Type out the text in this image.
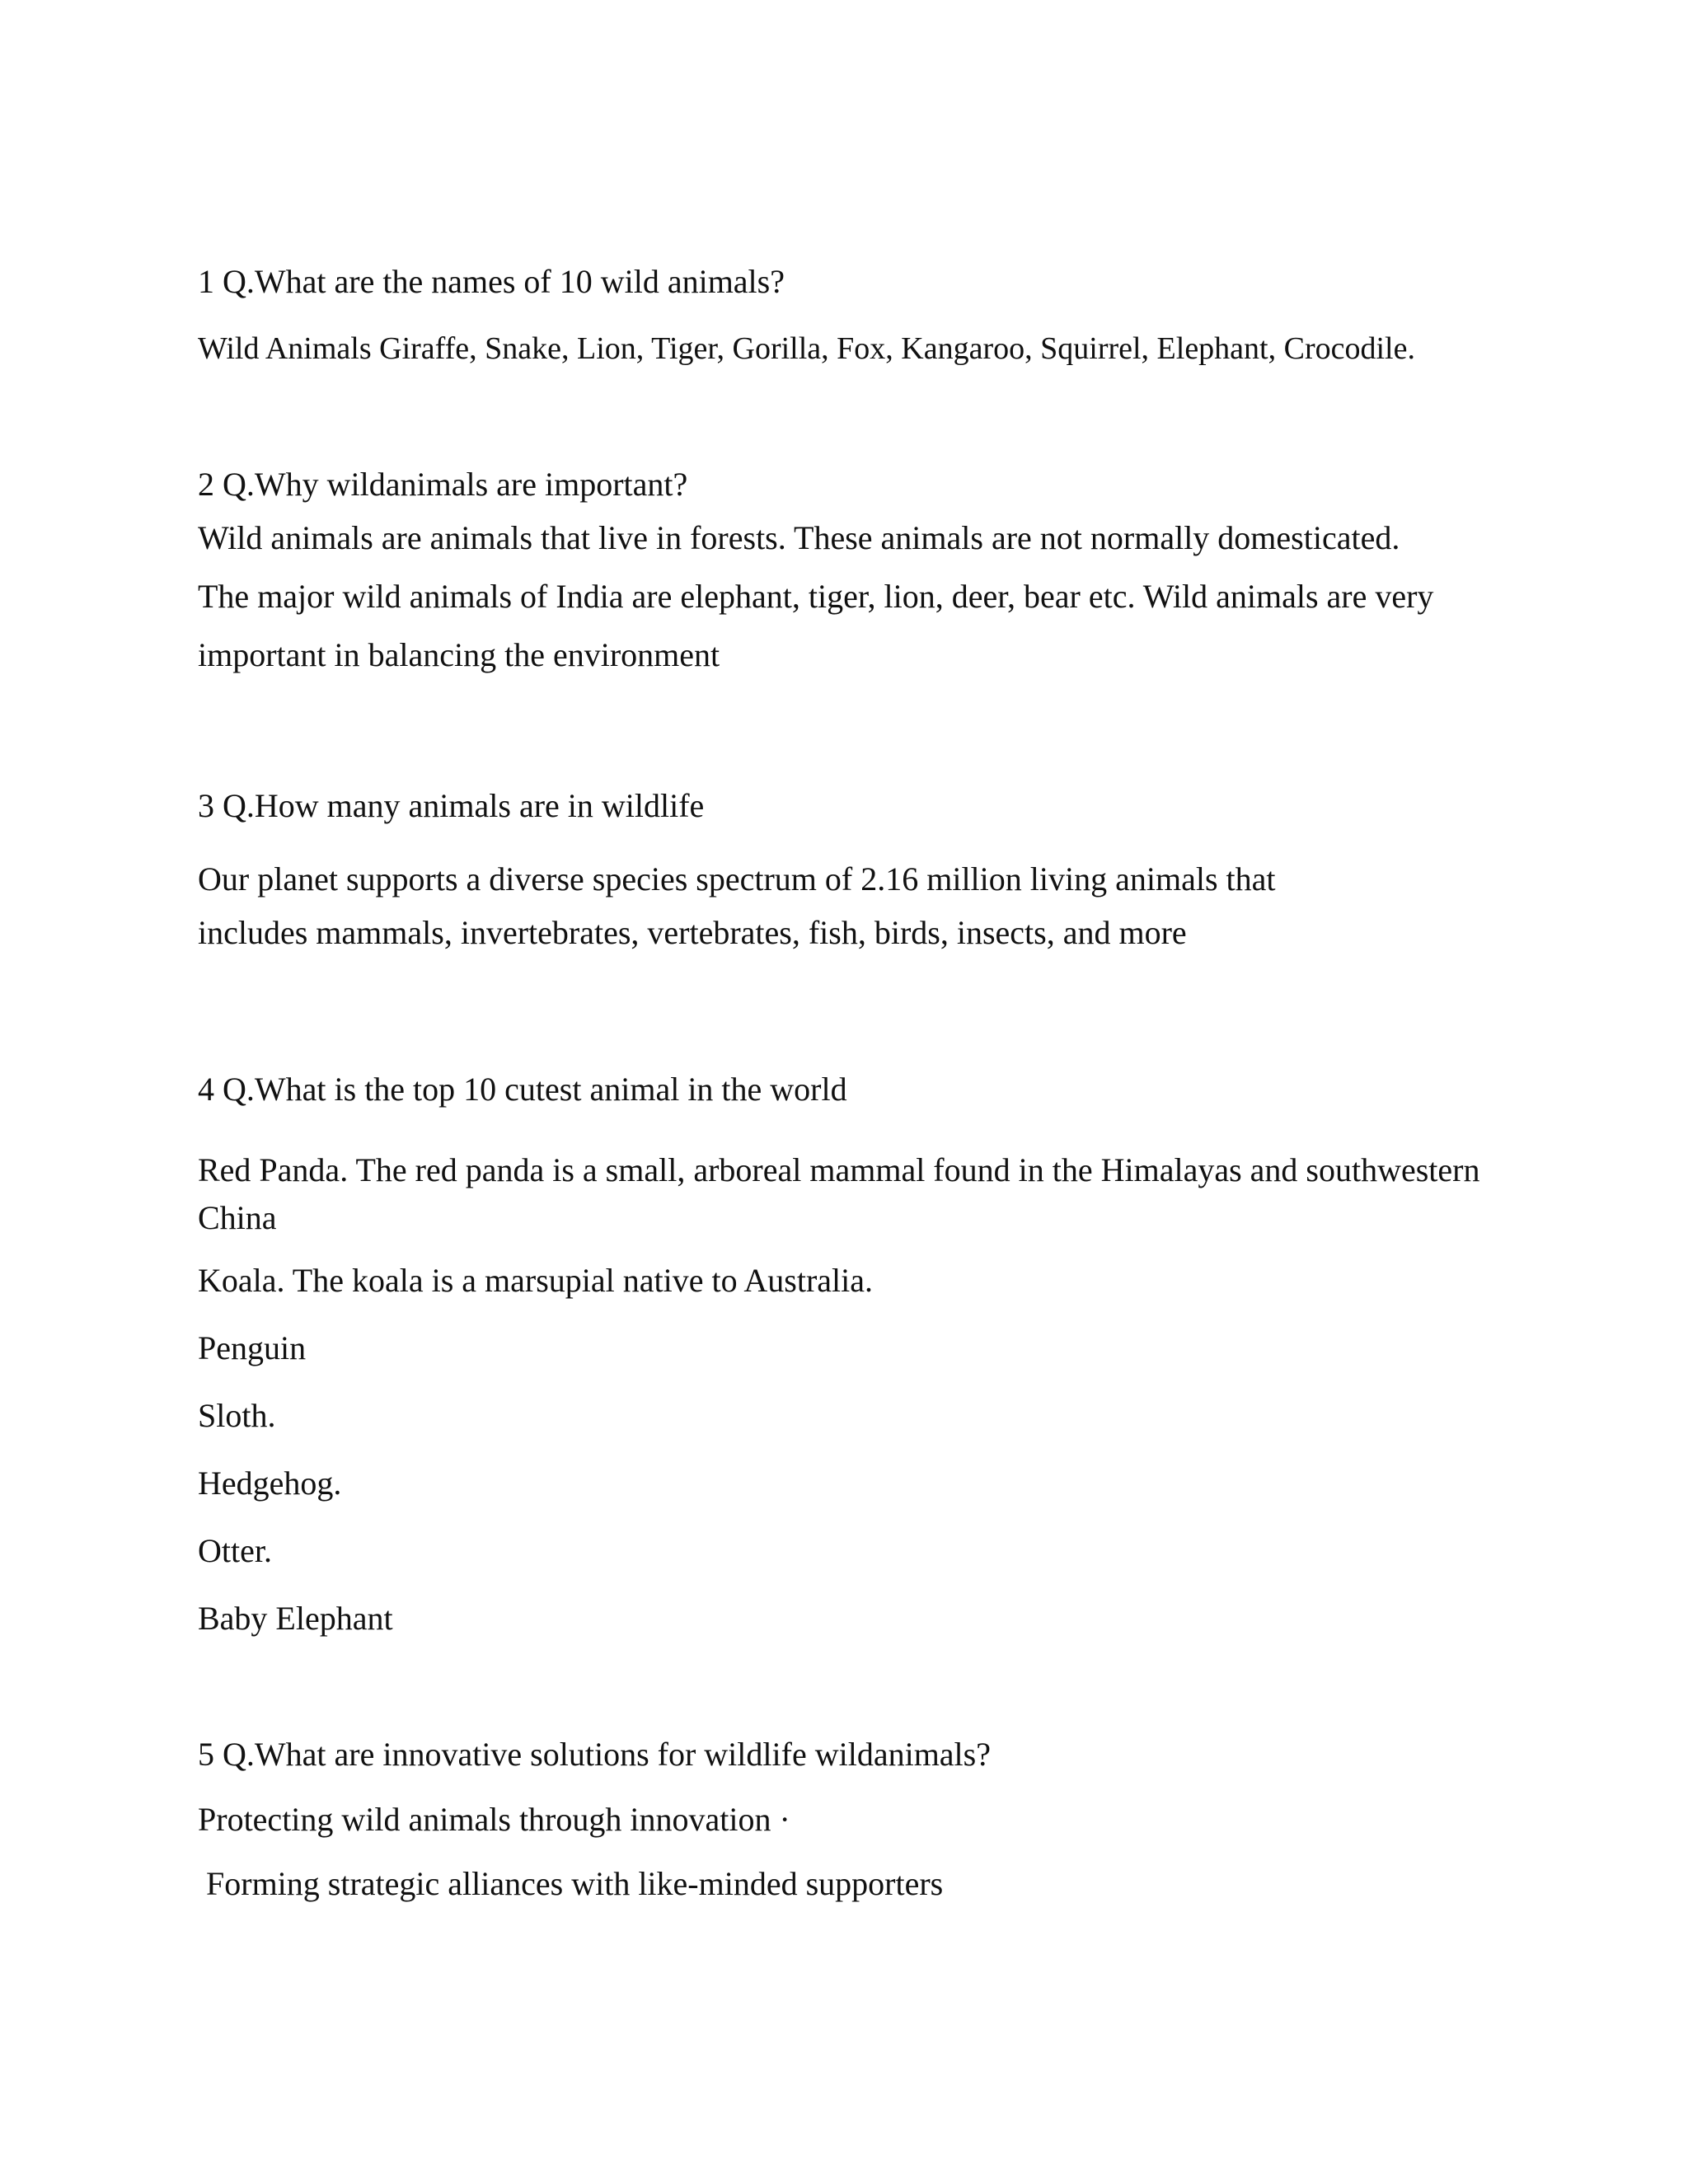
1 Q.What are the names of 10 wild animals?
Wild Animals Giraffe, Snake, Lion, Tiger, Gorilla, Fox, Kangaroo, Squirrel, Elephant, Crocodile.
2 Q.Why wildanimals are important?
Wild animals are animals that live in forests. These animals are not normally domesticated.
The major wild animals of India are elephant, tiger, lion, deer, bear etc. Wild animals are very
important in balancing the environment
3 Q.How many animals are in wildlife
Our planet supports a diverse species spectrum of 2.16 million living animals that
includes mammals, invertebrates, vertebrates, fish, birds, insects, and more
4 Q.What is the top 10 cutest animal in the world
Red Panda. The red panda is a small, arboreal mammal found in the Himalayas and southwestern
China
Koala. The koala is a marsupial native to Australia.
Penguin
Sloth.
Hedgehog.
Otter.
Baby Elephant
5 Q.What are innovative solutions for wildlife wildanimals?
Protecting wild animals through innovation ·
Forming strategic alliances with like-minded supporters
